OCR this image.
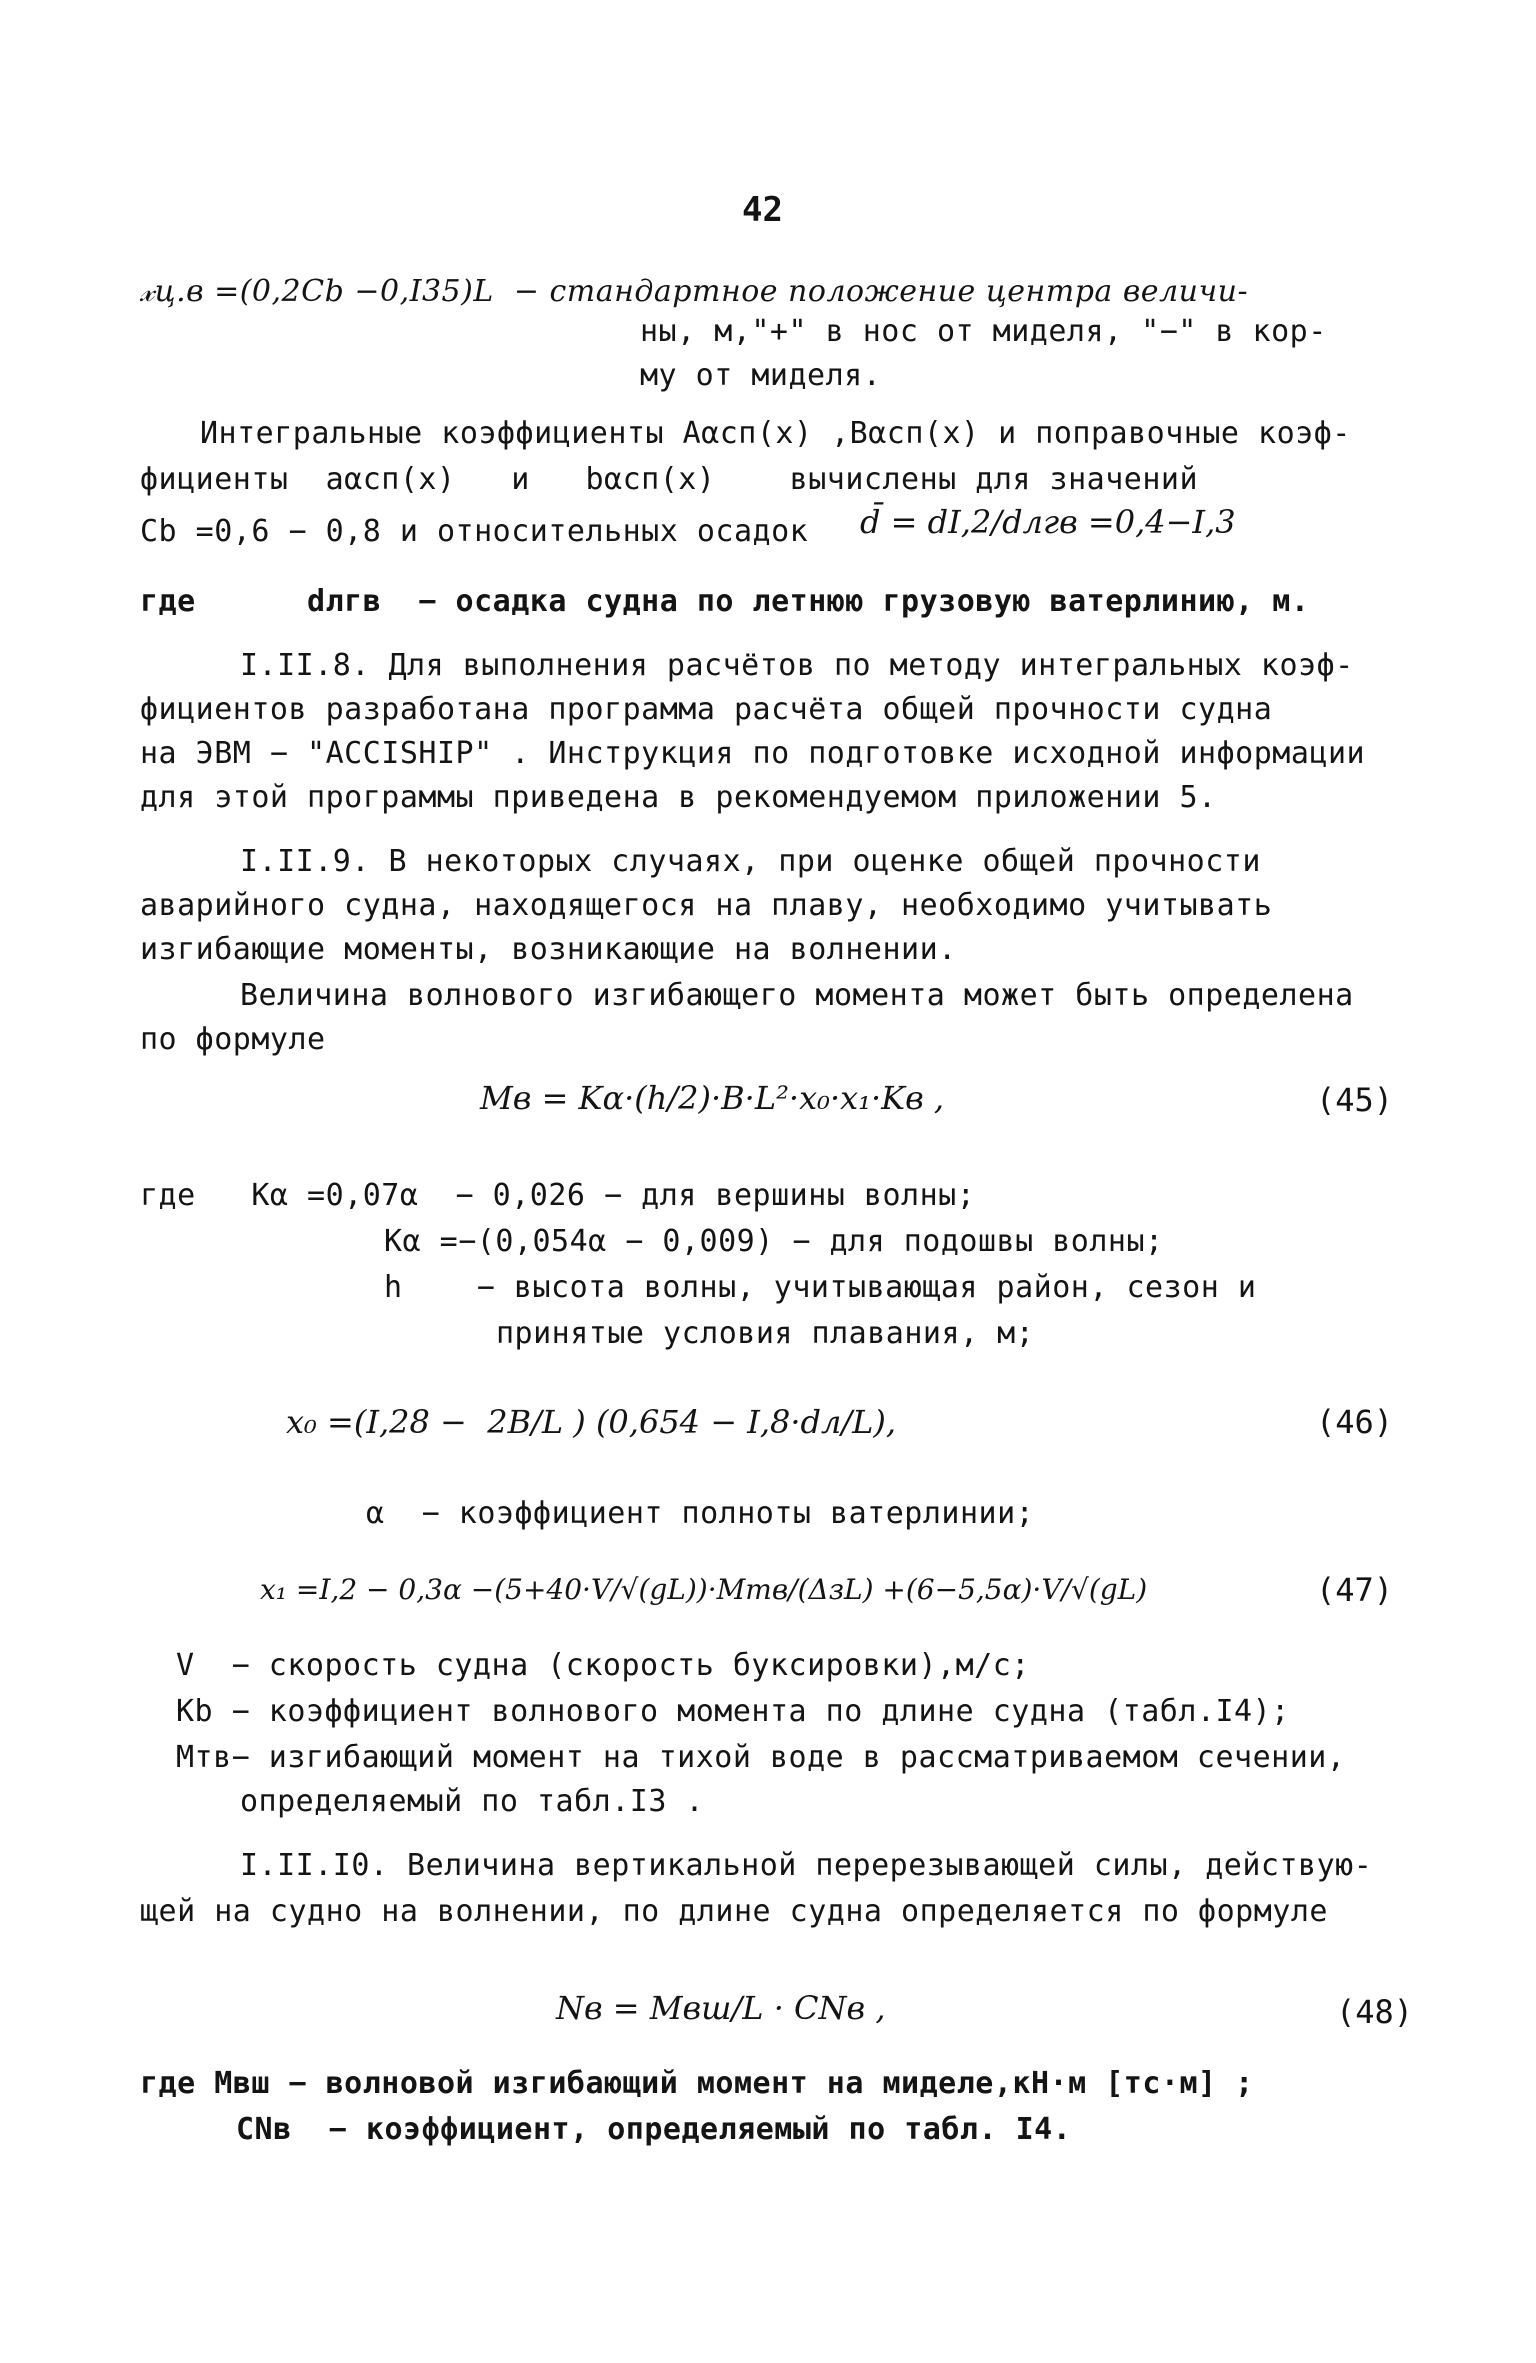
42
𝓍ц.в =(0,2Cb −0,I35)L  − стандартное положение центра величи-
ны, м,"+" в нос от миделя, "−" в кор-
му от миделя.
Интегральные коэффициенты Aαcп(x) ,Bαcп(x) и поправочные коэф-
фициенты  aαcп(x)   и   bαcп(x)    вычислены для значений
Cb =0,6 − 0,8 и относительных осадок d̄ = dI,2/dлгв =0,4−I,3
где      dлгв  − осадка судна по летнюю грузовую ватерлинию, м.
I.II.8. Для выполнения расчётов по методу интегральных коэф-
фициентов разработана программа расчёта общей прочности судна
на ЭВМ − "ACCISHIP" . Инструкция по подготовке исходной информации
для этой программы приведена в рекомендуемом приложении 5.
I.II.9. В некоторых случаях, при оценке общей прочности
аварийного судна, находящегося на плаву, необходимо учитывать
изгибающие моменты, возникающие на волнении.
Величина волнового изгибающего момента может быть определена
по формуле
Mв = Kα·(h/2)·B·L²·x₀·x₁·Kв ,	(45)
где   Kα =0,07α  − 0,026 − для вершины волны;
Kα =−(0,054α − 0,009) − для подошвы волны;
h    − высота волны, учитывающая район, сезон и
принятые условия плавания, м;
x₀ =(I,28 −  2B/L ) (0,654 − I,8·dл/L),	(46)
α  − коэффициент полноты ватерлинии;
x₁ =I,2 − 0,3α −(5+40·V/√(gL))·Mтв/(ΔзL) +(6−5,5α)·V/√(gL)	(47)
V  − скорость судна (скорость буксировки),м/с;
Kb − коэффициент волнового момента по длине судна (табл.I4);
Mтв− изгибающий момент на тихой воде в рассматриваемом сечении,
определяемый по табл.I3 .
I.II.I0. Величина вертикальной перерезывающей силы, действую-
щей на судно на волнении, по длине судна определяется по формуле
Nв = Mвш/L · CNв ,	(48)
где Mвш − волновой изгибающий момент на миделе,кН·м [тс·м] ;
CNв  − коэффициент, определяемый по табл. I4.
